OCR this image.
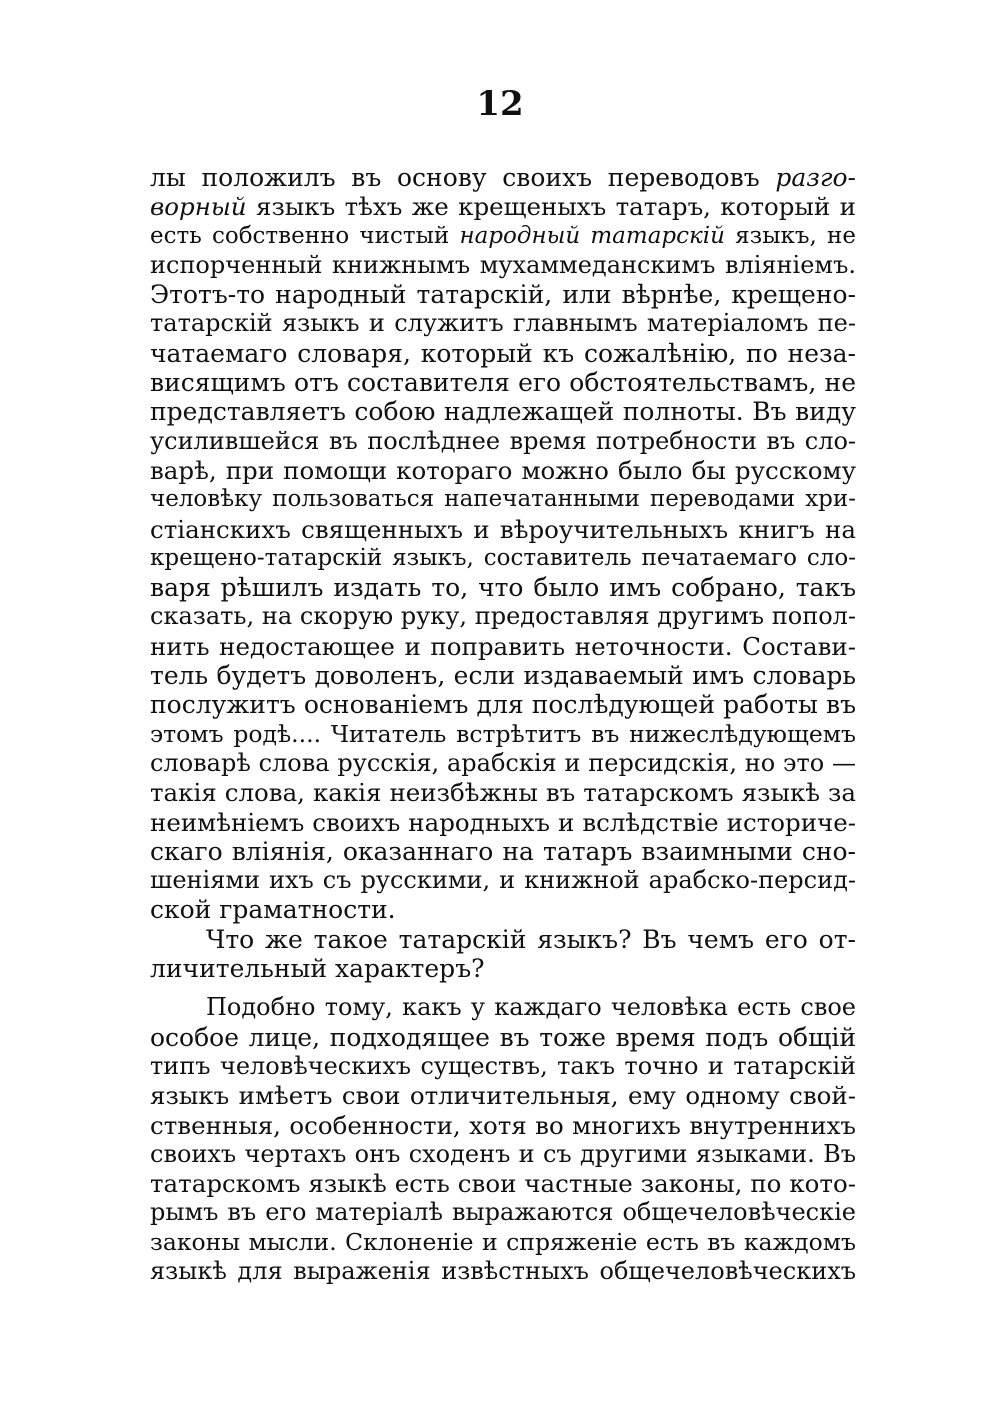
12
лы положилъ въ основу своихъ переводовъ разго-
ворный языкъ тѣхъ же крещеныхъ татаръ, который и
есть собственно чистый народный татарскій языкъ, не
испорченный книжнымъ мухаммеданскимъ вліяніемъ.
Этотъ-то народный татарскій, или вѣрнѣе, крещено-
татарскій языкъ и служитъ главнымъ матеріаломъ пе-
чатаемаго словаря, который къ сожалѣнію, по неза-
висящимъ отъ составителя его обстоятельствамъ, не
представляетъ собою надлежащей полноты. Въ виду
усилившейся въ послѣднее время потребности въ сло-
варѣ, при помощи котораго можно было бы русскому
человѣку пользоваться напечатанными переводами хри-
стіанскихъ священныхъ и вѣроучительныхъ книгъ на
крещено-татарскій языкъ, составитель печатаемаго сло-
варя рѣшилъ издать то, что было имъ собрано, такъ
сказать, на скорую руку, предоставляя другимъ попол-
нить недостающее и поправить неточности. Состави-
тель будетъ доволенъ, если издаваемый имъ словарь
послужитъ основаніемъ для послѣдующей работы въ
этомъ родѣ.... Читатель встрѣтитъ въ нижеслѣдующемъ
словарѣ слова русскія, арабскія и персидскія, но это —
такія слова, какія неизбѣжны въ татарскомъ языкѣ за
неимѣніемъ своихъ народныхъ и вслѣдствіе историче-
скаго вліянія, оказаннаго на татаръ взаимными сно-
шеніями ихъ съ русскими, и книжной арабско-персид-
ской граматности.
Что же такое татарскій языкъ? Въ чемъ его от-
личительный характеръ?
Подобно тому, какъ у каждаго человѣка есть свое
особое лице, подходящее въ тоже время подъ общій
типъ человѣческихъ существъ, такъ точно и татарскій
языкъ имѣетъ свои отличительныя, ему одному свой-
ственныя, особенности, хотя во многихъ внутреннихъ
своихъ чертахъ онъ сходенъ и съ другими языками. Въ
татарскомъ языкѣ есть свои частные законы, по кото-
рымъ въ его матеріалѣ выражаются общечеловѣческіе
законы мысли. Склоненіе и спряженіе есть въ каждомъ
языкѣ для выраженія извѣстныхъ общечеловѣческихъ
